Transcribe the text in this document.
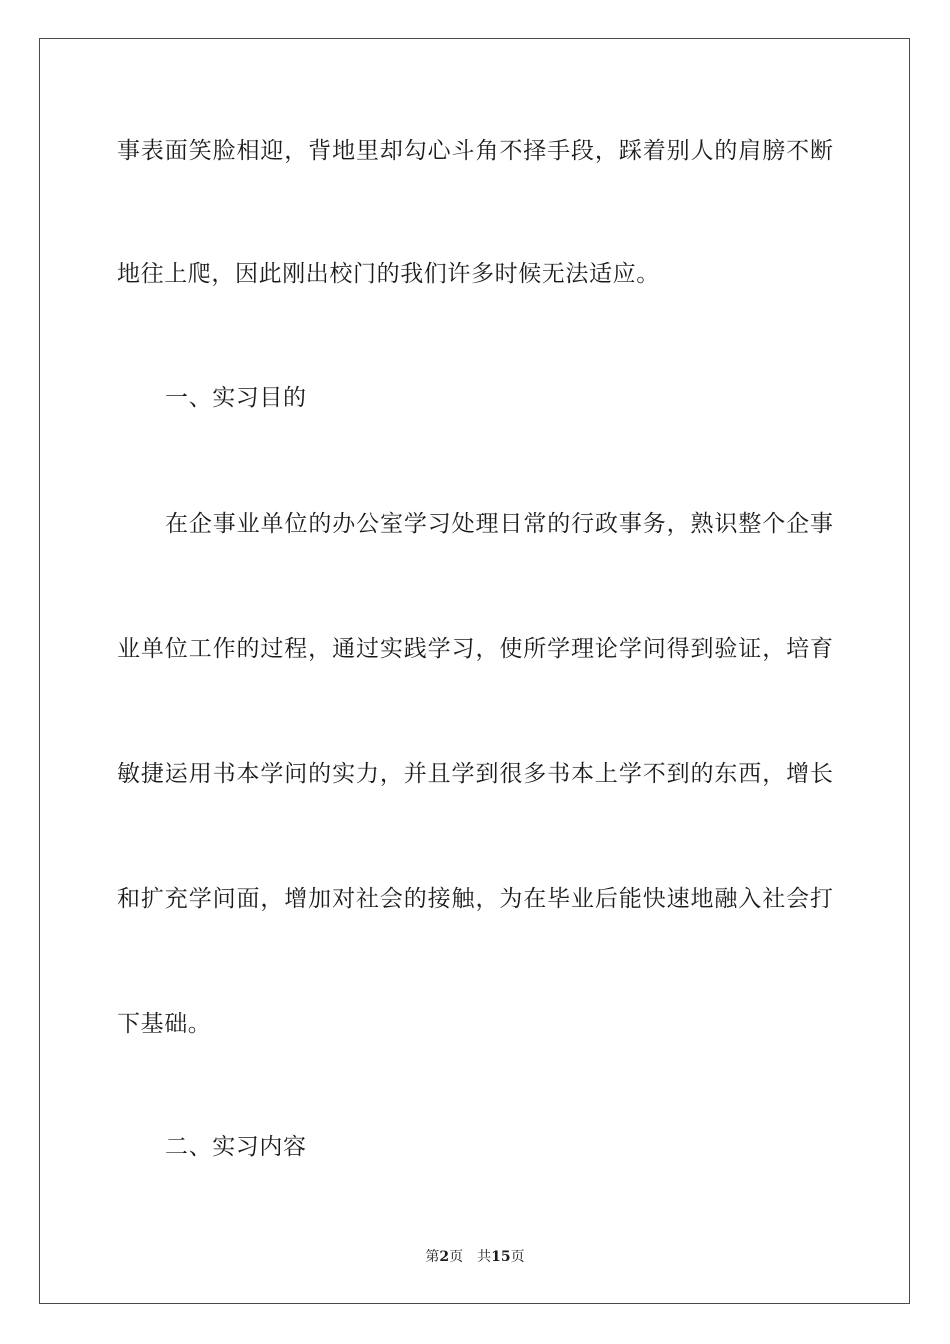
事表面笑脸相迎，背地里却勾心斗角不择手段，踩着别人的肩膀不断
地往上爬，因此刚出校门的我们许多时候无法适应。
一、实习目的
在企事业单位的办公室学习处理日常的行政事务，熟识整个企事
业单位工作的过程，通过实践学习，使所学理论学问得到验证，培育
敏捷运用书本学问的实力，并且学到很多书本上学不到的东西，增长
和扩充学问面，增加对社会的接触，为在毕业后能快速地融入社会打
下基础。
二、实习内容
第2页 共15页
